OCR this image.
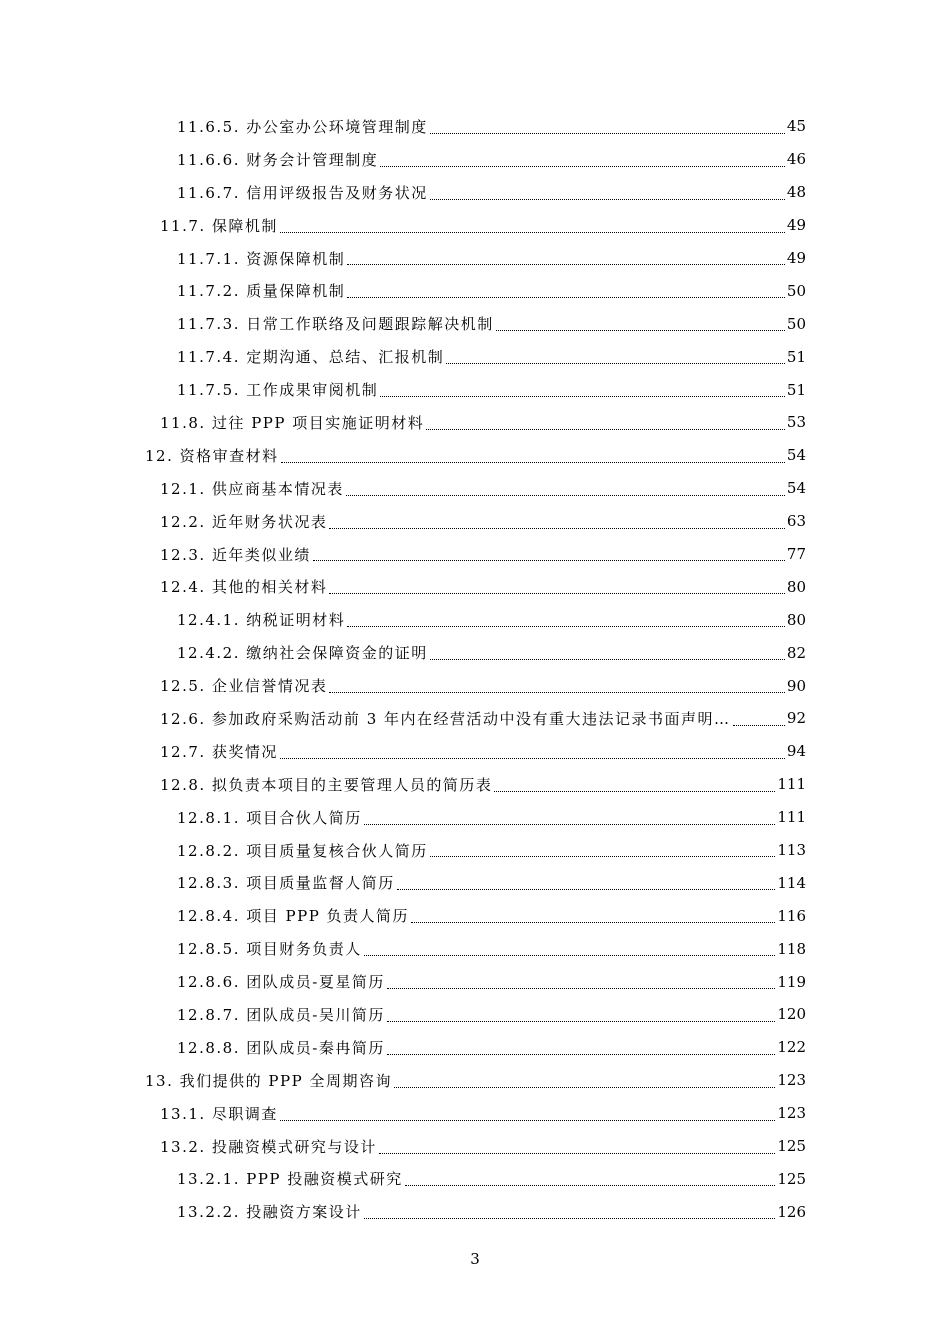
11.6.5. 办公室办公环境管理制度	45
11.6.6. 财务会计管理制度	46
11.6.7. 信用评级报告及财务状况	48
11.7. 保障机制	49
11.7.1. 资源保障机制	49
11.7.2. 质量保障机制	50
11.7.3. 日常工作联络及问题跟踪解决机制	50
11.7.4. 定期沟通、总结、汇报机制	51
11.7.5. 工作成果审阅机制	51
11.8. 过往 PPP 项目实施证明材料	53
12. 资格审查材料	54
12.1. 供应商基本情况表	54
12.2. 近年财务状况表	63
12.3. 近年类似业绩	77
12.4. 其他的相关材料	80
12.4.1. 纳税证明材料	80
12.4.2. 缴纳社会保障资金的证明	82
12.5. 企业信誉情况表	90
12.6. 参加政府采购活动前 3 年内在经营活动中没有重大违法记录书面声明…	92
12.7. 获奖情况	94
12.8. 拟负责本项目的主要管理人员的简历表	111
12.8.1. 项目合伙人简历	111
12.8.2. 项目质量复核合伙人简历	113
12.8.3. 项目质量监督人简历	114
12.8.4. 项目 PPP 负责人简历	116
12.8.5. 项目财务负责人	118
12.8.6. 团队成员-夏星简历	119
12.8.7. 团队成员-吴川简历	120
12.8.8. 团队成员-秦冉简历	122
13. 我们提供的 PPP 全周期咨询	123
13.1. 尽职调查	123
13.2. 投融资模式研究与设计	125
13.2.1. PPP 投融资模式研究	125
13.2.2. 投融资方案设计	126
3
